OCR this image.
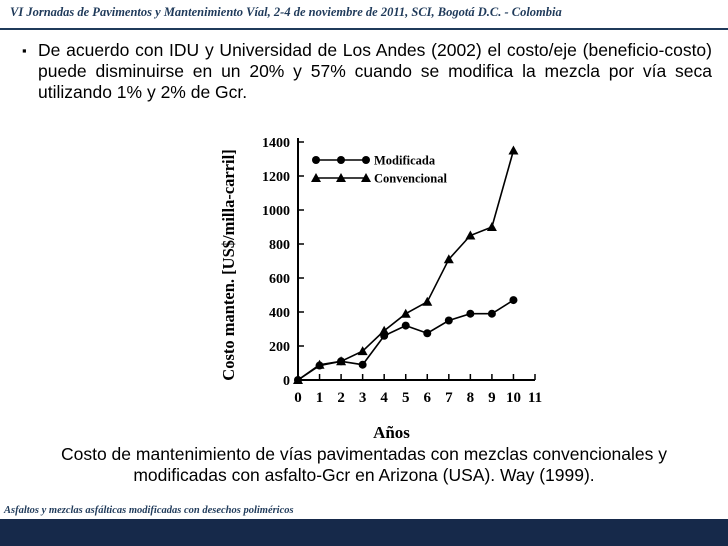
VI Jornadas de Pavimentos y Mantenimiento Víal, 2-4 de noviembre de 2011, SCI, Bogotá D.C. - Colombia
▪ De acuerdo con IDU y Universidad de Los Andes (2002) el costo/eje (beneficio-costo) puede disminuirse en un 20% y 57% cuando se modifica la mezcla por vía seca utilizando 1% y 2% de Gcr.
0
200
400
600
800
1000
1200
1400
0 1 2 3 4 5 6 7 8 9 10 11
Años
Costo manten. [US$/milla-carril]	Modificada
Convencional
Costo de mantenimiento de vías pavimentadas con mezclas convencionales y modificadas con asfalto-Gcr en Arizona (USA). Way (1999).
Asfaltos y mezclas asfálticas modificadas con desechos poliméricos
